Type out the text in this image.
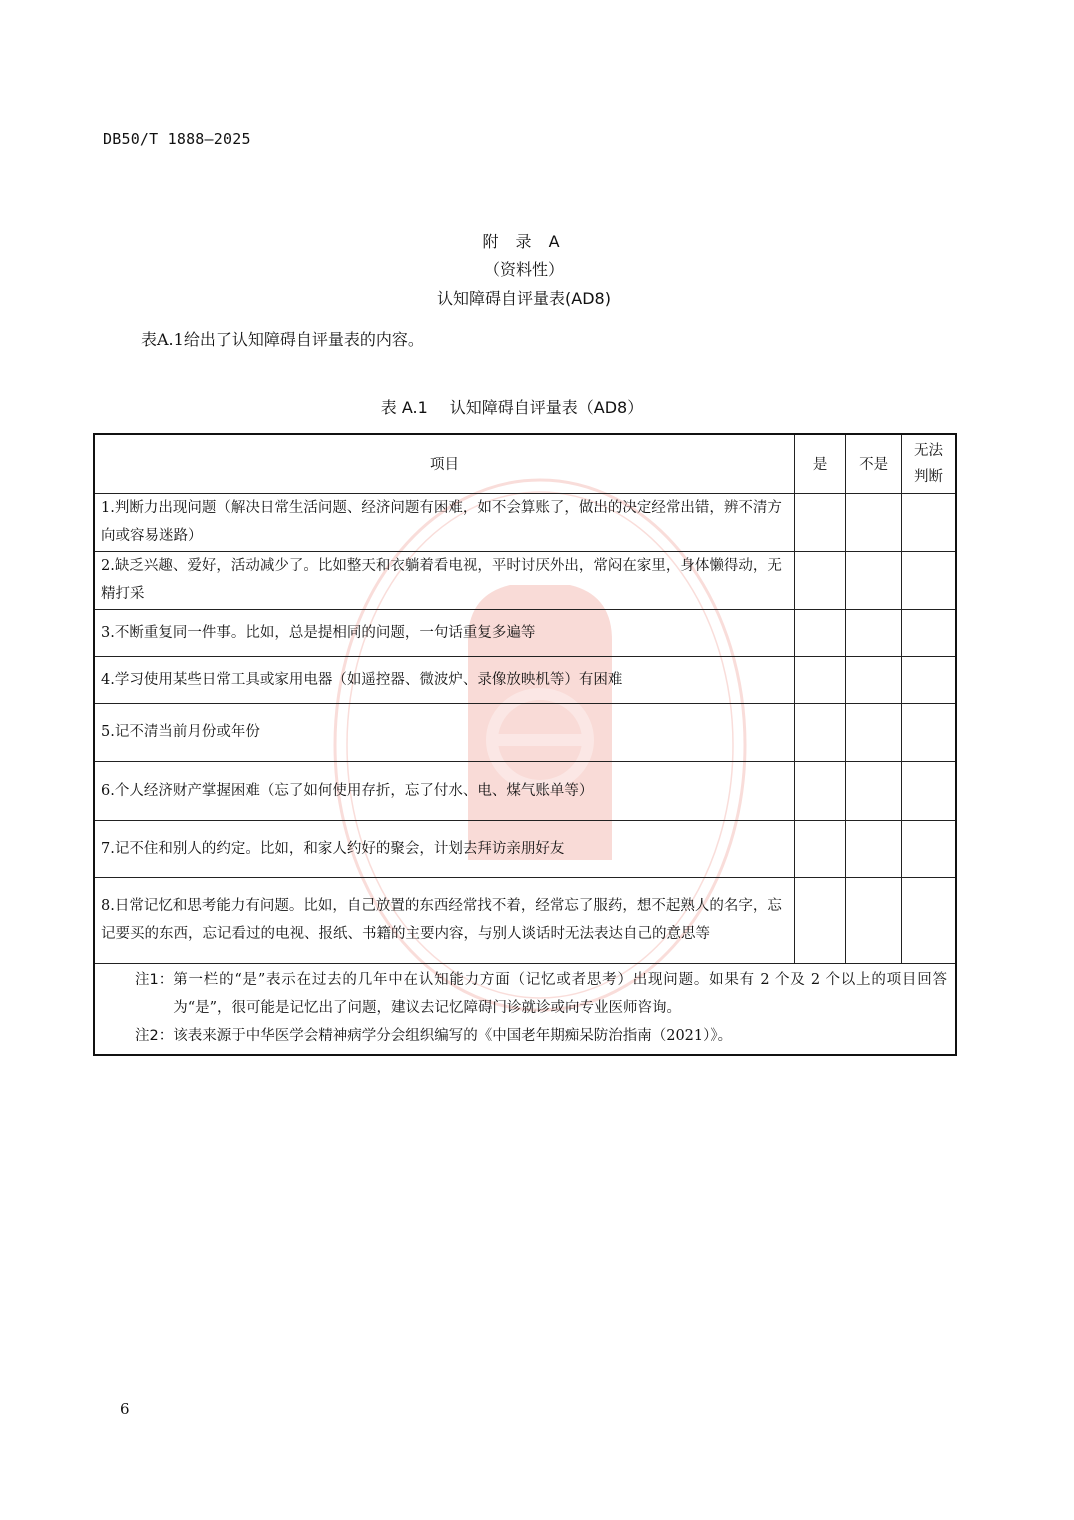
DB50/T 1888—2025
附 录 A
（资料性）
认知障碍自评量表(AD8)
表A.1给出了认知障碍自评量表的内容。
表 A.1 认知障碍自评量表（AD8）
项目	是	不是	无法
判断
1.判断力出现问题（解决日常生活问题、经济问题有困难，如不会算账了，做出的决定经常出错，辨不清方向或容易迷路）			
2.缺乏兴趣、爱好，活动减少了。比如整天和衣躺着看电视，平时讨厌外出，常闷在家里，身体懒得动，无精打采			
3.不断重复同一件事。比如，总是提相同的问题，一句话重复多遍等			
4.学习使用某些日常工具或家用电器（如遥控器、微波炉、录像放映机等）有困难			
5.记不清当前月份或年份			
6.个人经济财产掌握困难（忘了如何使用存折，忘了付水、电、煤气账单等）			
7.记不住和别人的约定。比如，和家人约好的聚会，计划去拜访亲朋好友			
8.日常记忆和思考能力有问题。比如，自己放置的东西经常找不着，经常忘了服药，想不起熟人的名字，忘记要买的东西，忘记看过的电视、报纸、书籍的主要内容，与别人谈话时无法表达自己的意思等			

注1： 第一栏的“是”表示在过去的几年中在认知能力方面（记忆或者思考）出现问题。如果有 2 个及 2 个以上的项目回答为“是”，很可能是记忆出了问题，建议去记忆障碍门诊就诊或向专业医师咨询。
注2： 该表来源于中华医学会精神病学分会组织编写的《中国老年期痴呆防治指南（2021）》。			
6
